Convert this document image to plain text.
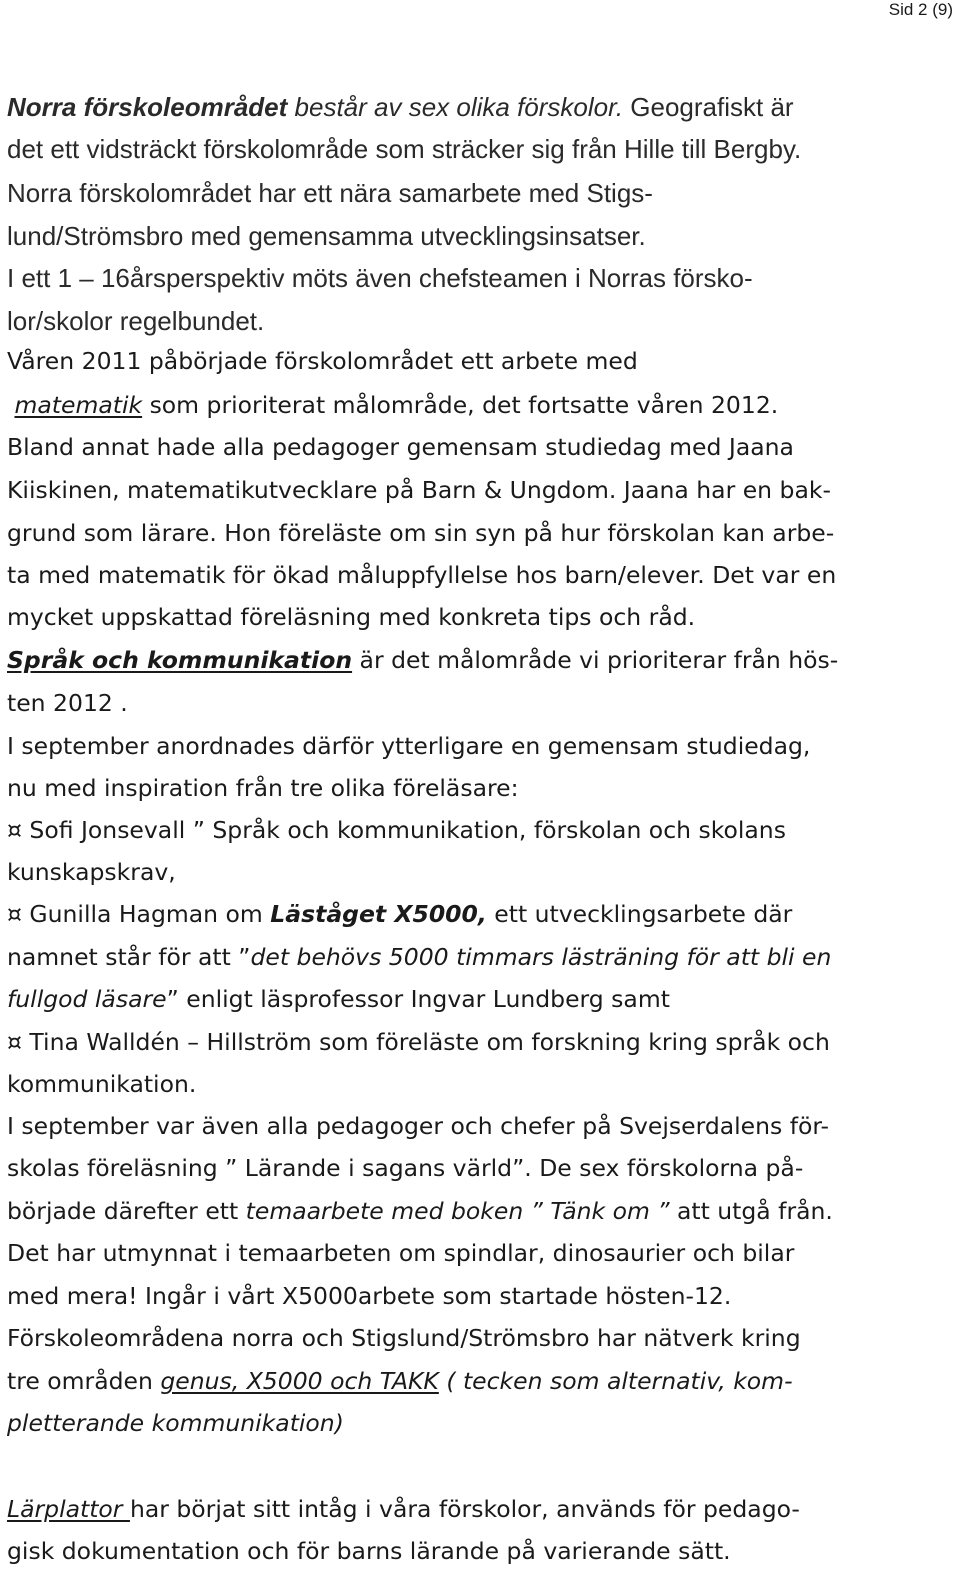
Sid 2 (9)
Norra förskoleområdet består av sex olika förskolor. Geografiskt är
det ett vidsträckt förskolområde som sträcker sig från Hille till Bergby.
Norra förskolområdet har ett nära samarbete med Stigs-
lund/Strömsbro med gemensamma utvecklingsinsatser.
I ett 1 – 16årsperspektiv möts även chefsteamen i Norras försko-
lor/skolor regelbundet.
Våren 2011 påbörjade förskolområdet ett arbete med
matematik som prioriterat målområde, det fortsatte våren 2012.
Bland annat hade alla pedagoger gemensam studiedag med Jaana
Kiiskinen, matematikutvecklare på Barn & Ungdom. Jaana har en bak-
grund som lärare. Hon föreläste om sin syn på hur förskolan kan arbe-
ta med matematik för ökad måluppfyllelse hos barn/elever. Det var en
mycket uppskattad föreläsning med konkreta tips och råd.
Språk och kommunikation är det målområde vi prioriterar från hös-
ten 2012 .
I september anordnades därför ytterligare en gemensam studiedag,
nu med inspiration från tre olika föreläsare:
¤ Sofi Jonsevall ” Språk och kommunikation, förskolan och skolans
kunskapskrav,
¤ Gunilla Hagman om Läståget X5000, ett utvecklingsarbete där
namnet står för att ”det behövs 5000 timmars lästräning för att bli en
fullgod läsare” enligt läsprofessor Ingvar Lundberg samt
¤ Tina Walldén – Hillström som föreläste om forskning kring språk och
kommunikation.
I september var även alla pedagoger och chefer på Svejserdalens för-
skolas föreläsning ” Lärande i sagans värld”. De sex förskolorna på-
började därefter ett temaarbete med boken ” Tänk om ” att utgå från.
Det har utmynnat i temaarbeten om spindlar, dinosaurier och bilar
med mera! Ingår i vårt X5000arbete som startade hösten-12.
Förskoleområdena norra och Stigslund/Strömsbro har nätverk kring
tre områden genus, X5000 och TAKK ( tecken som alternativ, kom-
pletterande kommunikation)
Lärplattor har börjat sitt intåg i våra förskolor, används för pedago-
gisk dokumentation och för barns lärande på varierande sätt.
